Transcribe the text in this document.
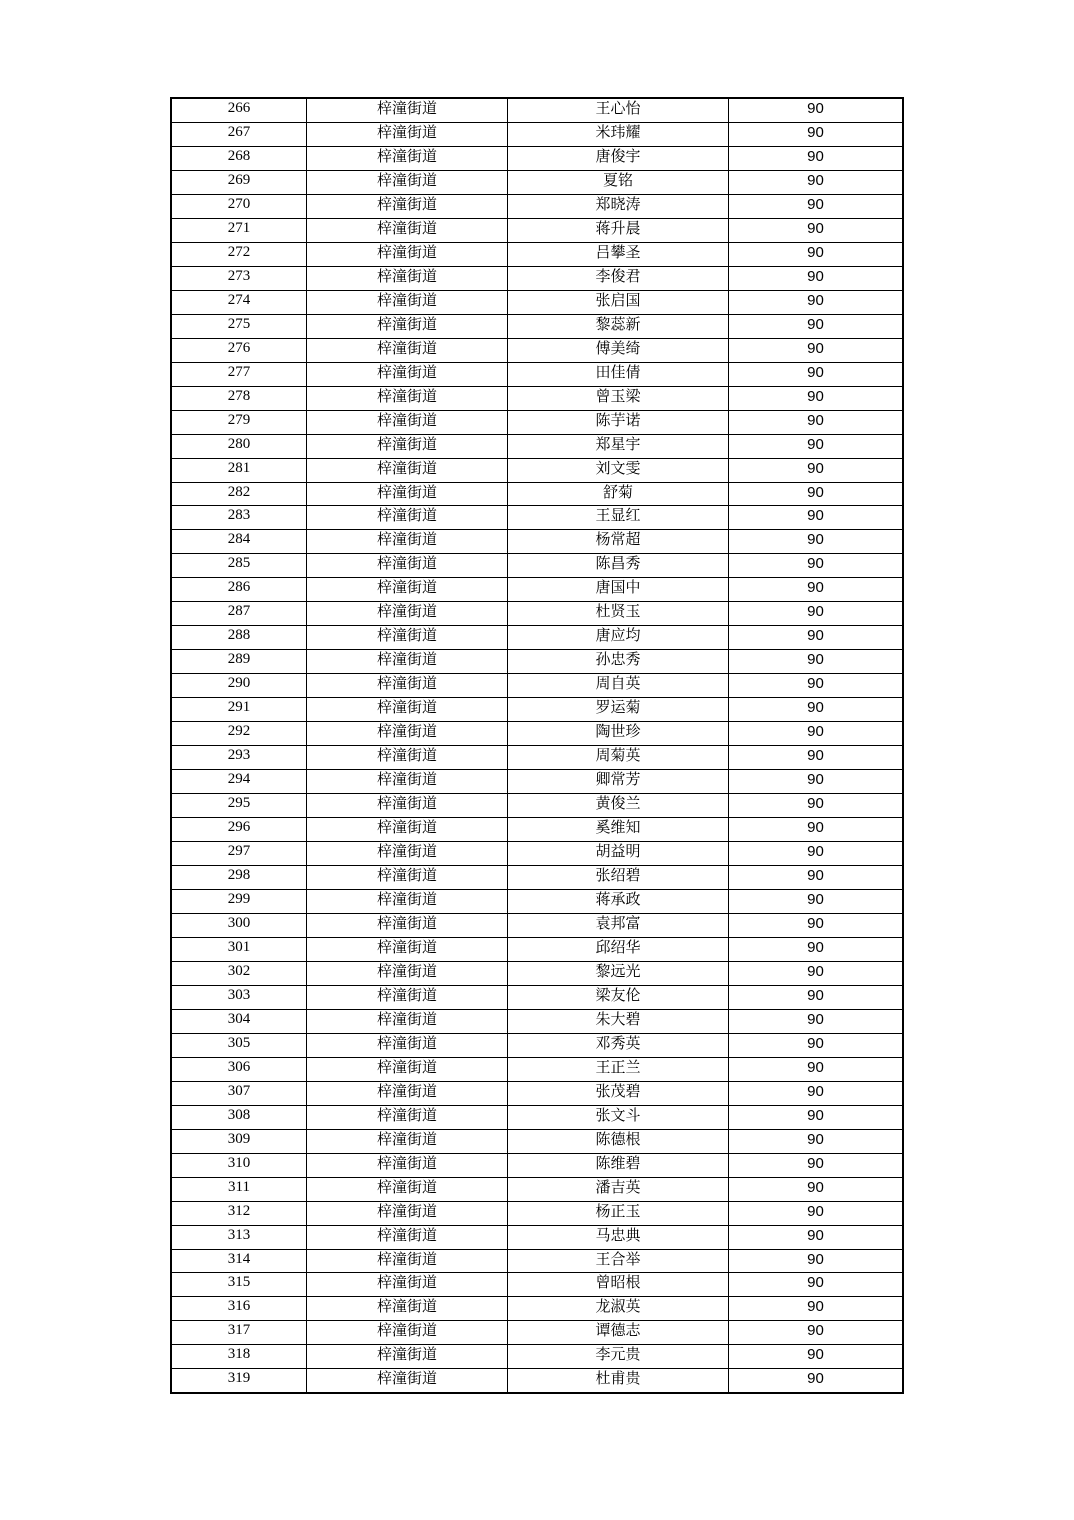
266	梓潼街道	王心怡	90
267	梓潼街道	米玮耀	90
268	梓潼街道	唐俊宇	90
269	梓潼街道	夏铭	90
270	梓潼街道	郑晓涛	90
271	梓潼街道	蒋升晨	90
272	梓潼街道	吕攀圣	90
273	梓潼街道	李俊君	90
274	梓潼街道	张启国	90
275	梓潼街道	黎蕊新	90
276	梓潼街道	傅美绮	90
277	梓潼街道	田佳倩	90
278	梓潼街道	曾玉梁	90
279	梓潼街道	陈芋诺	90
280	梓潼街道	郑星宇	90
281	梓潼街道	刘文雯	90
282	梓潼街道	舒菊	90
283	梓潼街道	王显红	90
284	梓潼街道	杨常超	90
285	梓潼街道	陈昌秀	90
286	梓潼街道	唐国中	90
287	梓潼街道	杜贤玉	90
288	梓潼街道	唐应均	90
289	梓潼街道	孙忠秀	90
290	梓潼街道	周自英	90
291	梓潼街道	罗运菊	90
292	梓潼街道	陶世珍	90
293	梓潼街道	周菊英	90
294	梓潼街道	卿常芳	90
295	梓潼街道	黄俊兰	90
296	梓潼街道	奚维知	90
297	梓潼街道	胡益明	90
298	梓潼街道	张绍碧	90
299	梓潼街道	蒋承政	90
300	梓潼街道	袁邦富	90
301	梓潼街道	邱绍华	90
302	梓潼街道	黎远光	90
303	梓潼街道	梁友伦	90
304	梓潼街道	朱大碧	90
305	梓潼街道	邓秀英	90
306	梓潼街道	王正兰	90
307	梓潼街道	张茂碧	90
308	梓潼街道	张文斗	90
309	梓潼街道	陈德根	90
310	梓潼街道	陈维碧	90
311	梓潼街道	潘吉英	90
312	梓潼街道	杨正玉	90
313	梓潼街道	马忠典	90
314	梓潼街道	王合举	90
315	梓潼街道	曾昭根	90
316	梓潼街道	龙淑英	90
317	梓潼街道	谭德志	90
318	梓潼街道	李元贵	90
319	梓潼街道	杜甫贵	90
